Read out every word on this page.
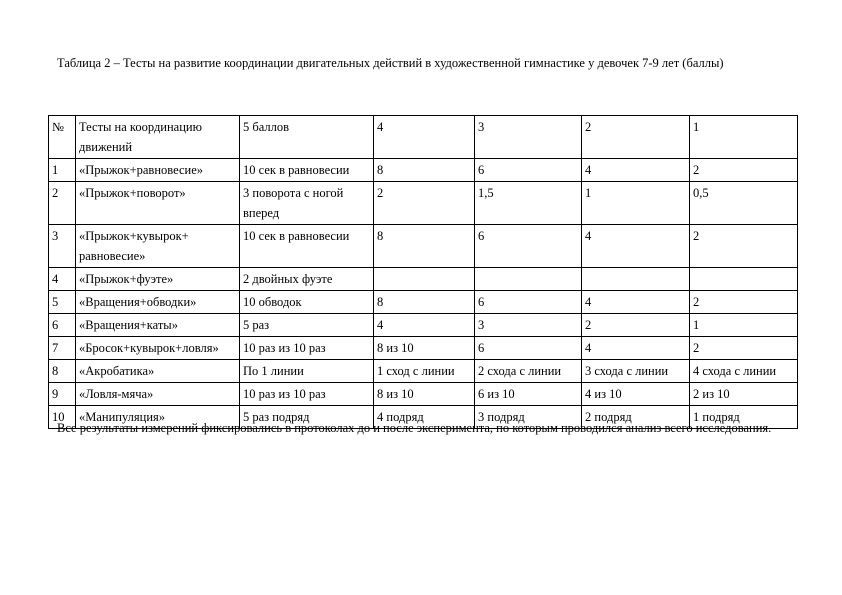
Таблица 2 – Тесты на развитие координации двигательных действий в художественной гимнастике у девочек 7-9 лет (баллы)

№	Тесты на координацию движений	5 баллов	4	3	2	1
1	«Прыжок+равновесие»	10 сек в равновесии	8	6	4	2
2	«Прыжок+поворот»	3 поворота с ногой вперед	2	1,5	1	0,5
3	«Прыжок+кувырок+ равновесие»	10 сек в равновесии	8	6	4	2
4	«Прыжок+фуэте»	2 двойных фуэте				
5	«Вращения+обводки»	10 обводок	8	6	4	2
6	«Вращения+каты»	5 раз	4	3	2	1
7	«Бросок+кувырок+ловля»	10 раз из 10 раз	8 из 10	6	4	2
8	«Акробатика»	По 1 линии	1 сход с линии	2 схода с линии	3 схода с линии	4 схода с линии
9	«Ловля-мяча»	10 раз из 10 раз	8 из 10	6 из 10	4 из 10	2 из 10
10	«Манипуляция»	5 раз подряд	4 подряд	3 подряд	2 подряд	1 подряд

Все результаты измерений фиксировались в протоколах до и после эксперимента, по которым проводился анализ всего исследования.
